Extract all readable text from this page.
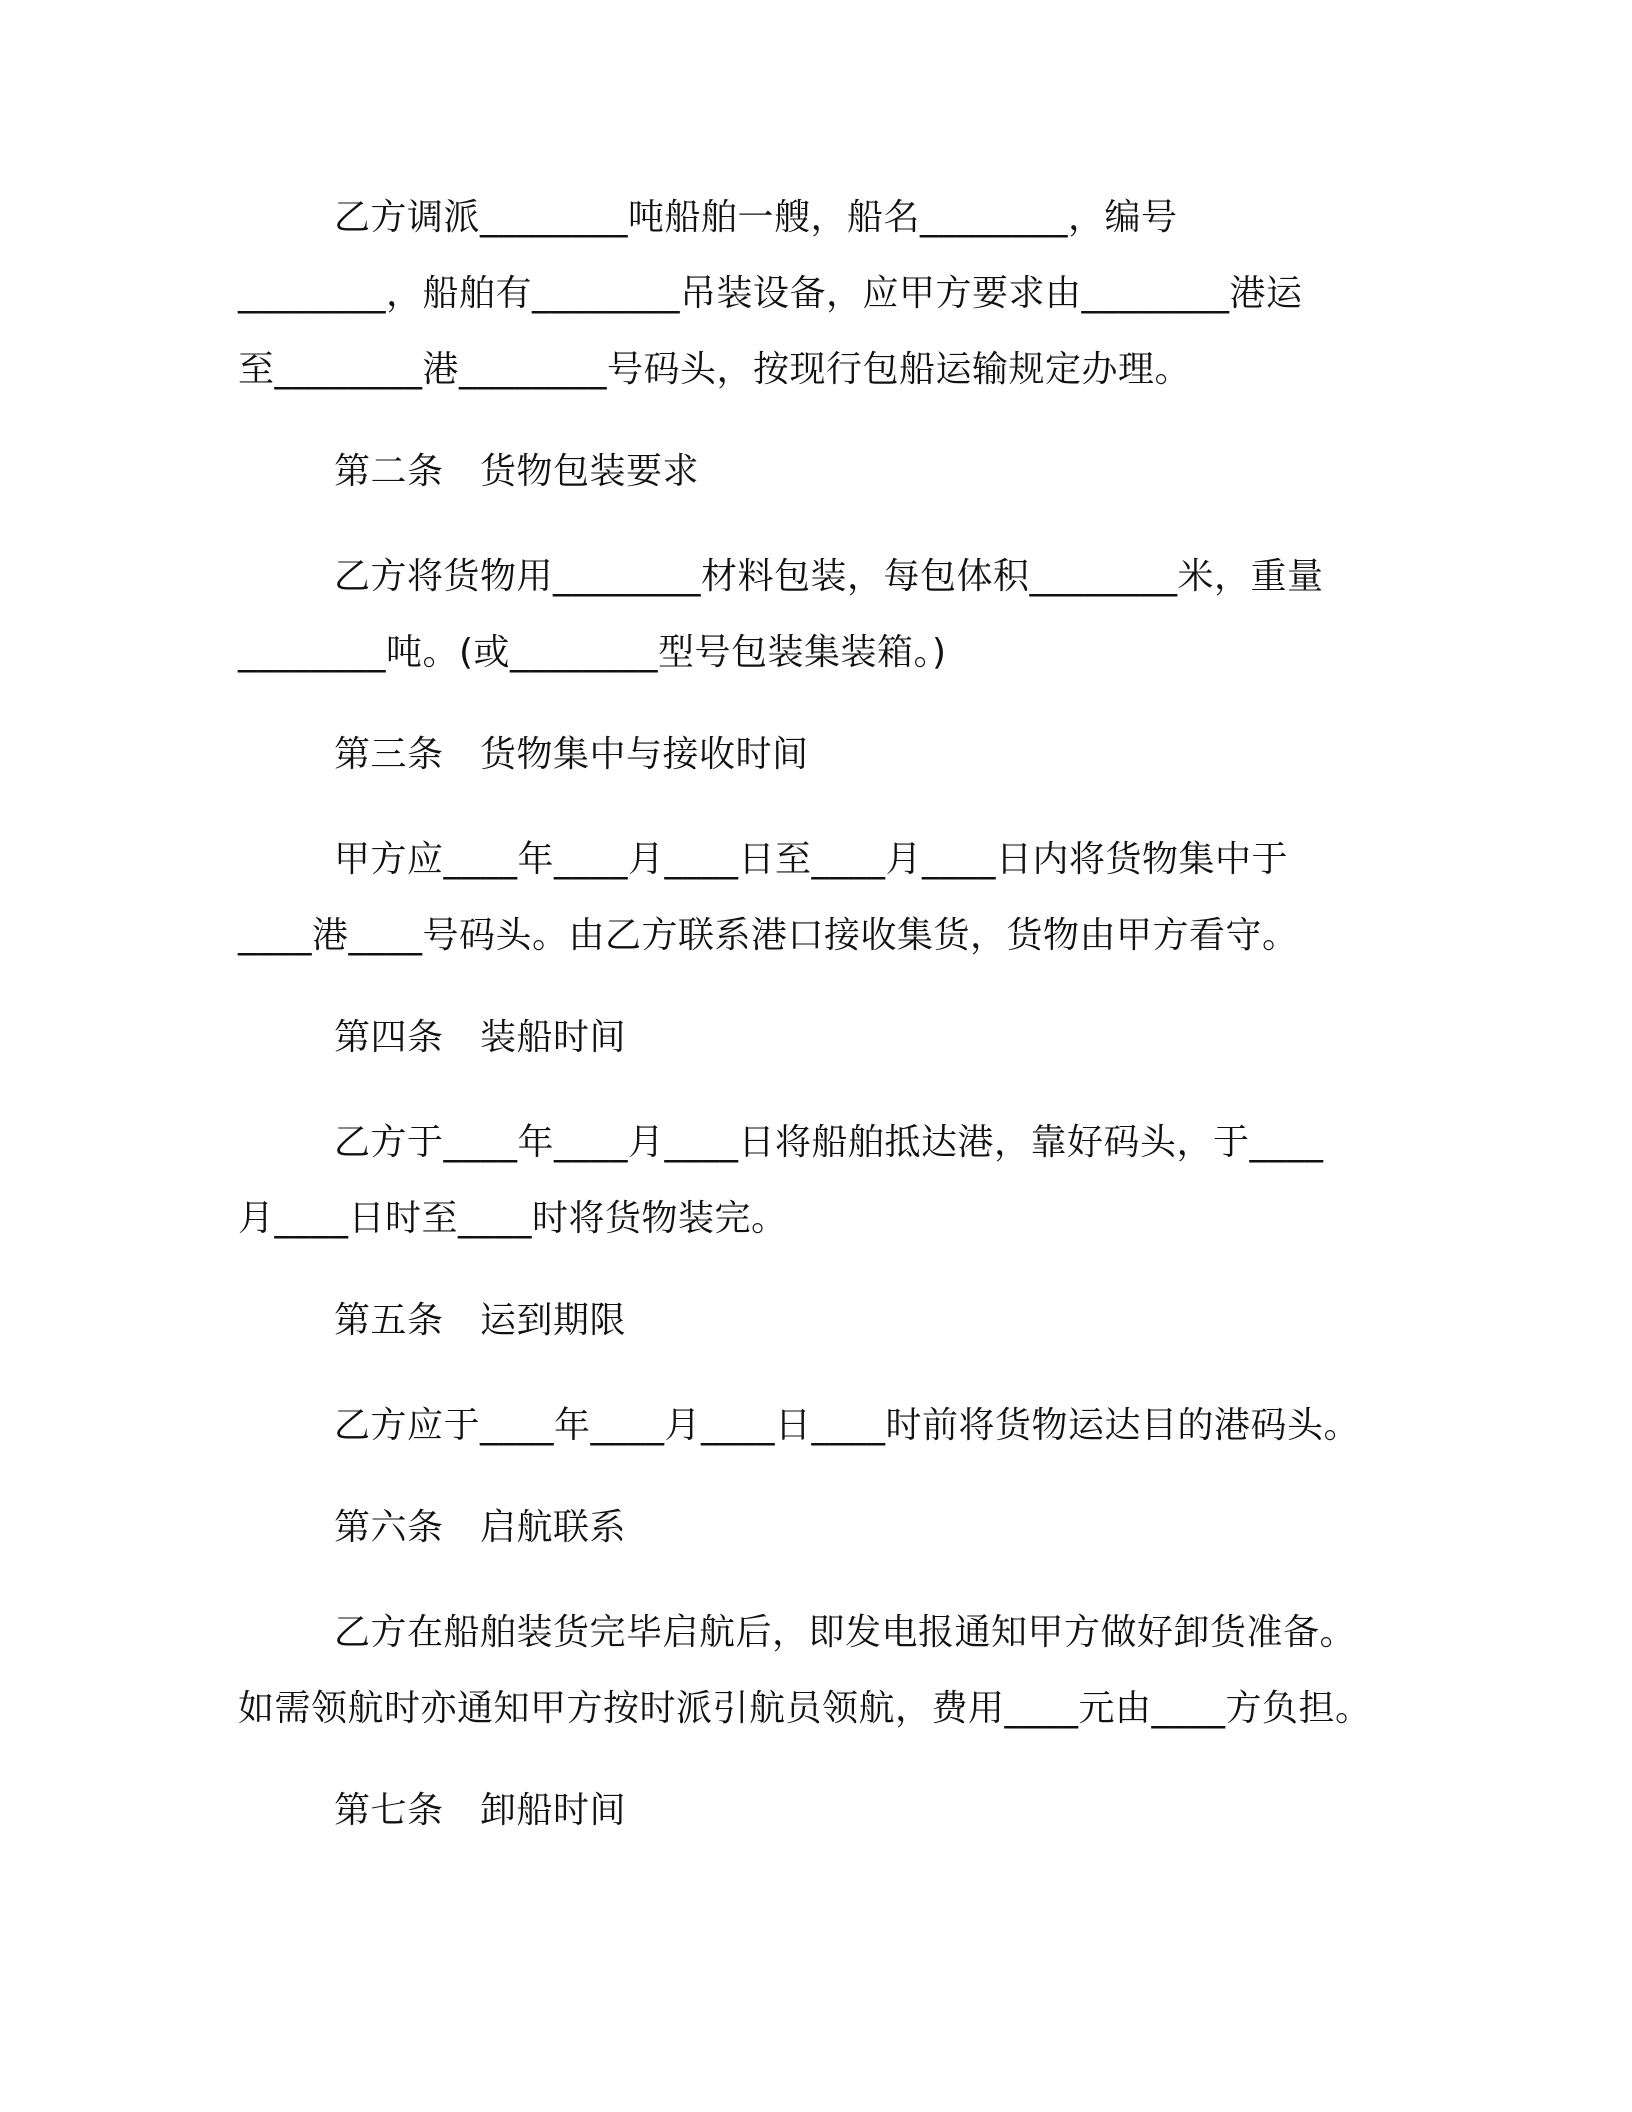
乙方调派________吨船舶一艘，船名________，编号
________，船舶有________吊装设备，应甲方要求由________港运
至________港________号码头，按现行包船运输规定办理。
第二条　货物包装要求
乙方将货物用________材料包装，每包体积________米，重量
________吨。(或________型号包装集装箱。)
第三条　货物集中与接收时间
甲方应____年____月____日至____月____日内将货物集中于
____港____号码头。由乙方联系港口接收集货，货物由甲方看守。
第四条　装船时间
乙方于____年____月____日将船舶抵达港，靠好码头，于____
月____日时至____时将货物装完。
第五条　运到期限
乙方应于____年____月____日____时前将货物运达目的港码头。
第六条　启航联系
乙方在船舶装货完毕启航后，即发电报通知甲方做好卸货准备。
如需领航时亦通知甲方按时派引航员领航，费用____元由____方负担。
第七条　卸船时间
